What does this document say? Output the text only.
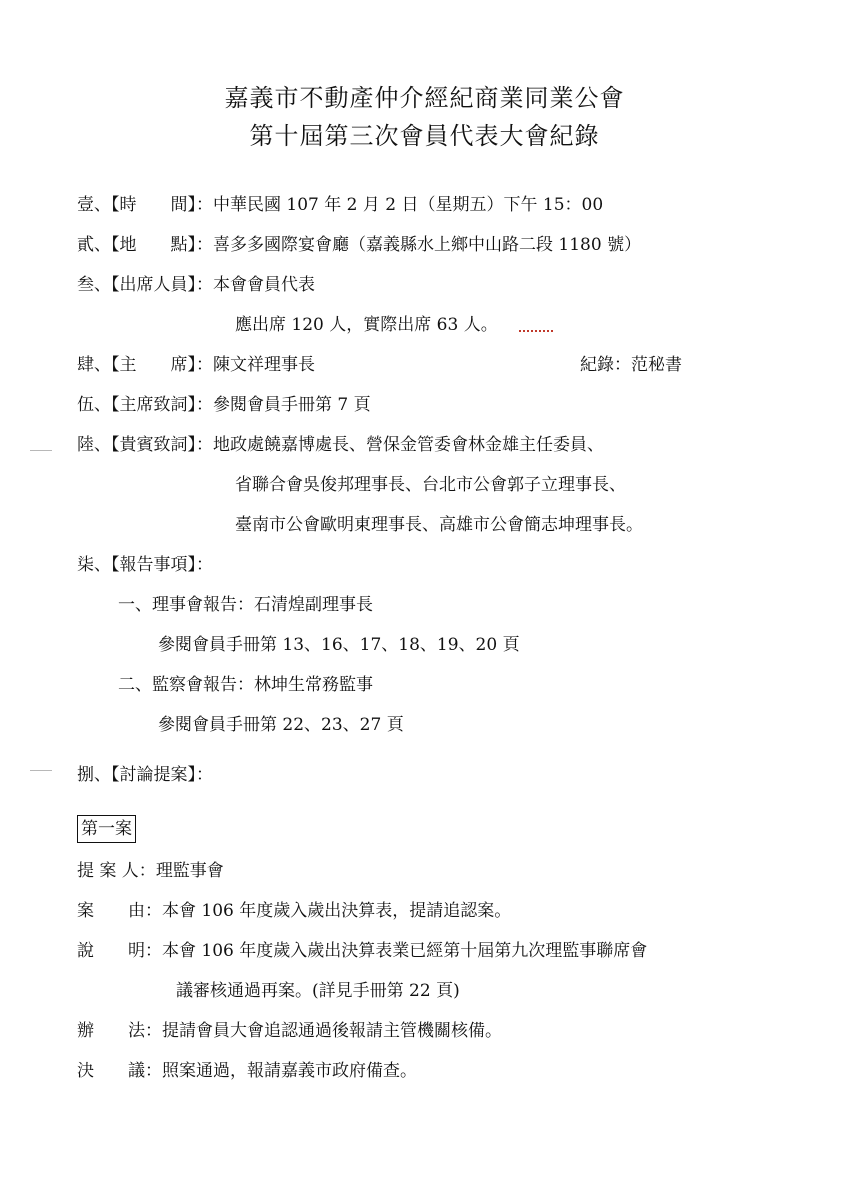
嘉義市不動產仲介經紀商業同業公會
第十屆第三次會員代表大會紀錄
壹、【時　　間】：中華民國 107 年 2 月 2 日（星期五）下午 15：00
貳、【地　　點】：喜多多國際宴會廳（嘉義縣水上鄉中山路二段 1180 號）
叁、【出席人員】：本會會員代表
應出席 120 人，實際出席 63 人。
肆、【主　　席】：陳文祥理事長	紀錄：范秘書
伍、【主席致詞】：參閱會員手冊第 7 頁
陸、【貴賓致詞】：地政處饒嘉博處長、營保金管委會林金雄主任委員、
省聯合會吳俊邦理事長、台北市公會郭子立理事長、
臺南市公會歐明東理事長、高雄市公會簡志坤理事長。
柒、【報告事項】：
一、理事會報告：石清煌副理事長
參閱會員手冊第 13、16、17、18、19、20 頁
二、監察會報告：林坤生常務監事
參閱會員手冊第 22、23、27 頁
捌、【討論提案】：
第一案
提 案 人：理監事會
案　　由：本會 106 年度歲入歲出決算表，提請追認案。
說　　明：本會 106 年度歲入歲出決算表業已經第十屆第九次理監事聯席會
議審核通過再案。(詳見手冊第 22 頁)
辦　　法：提請會員大會追認通過後報請主管機關核備。
決　　議：照案通過，報請嘉義市政府備查。
